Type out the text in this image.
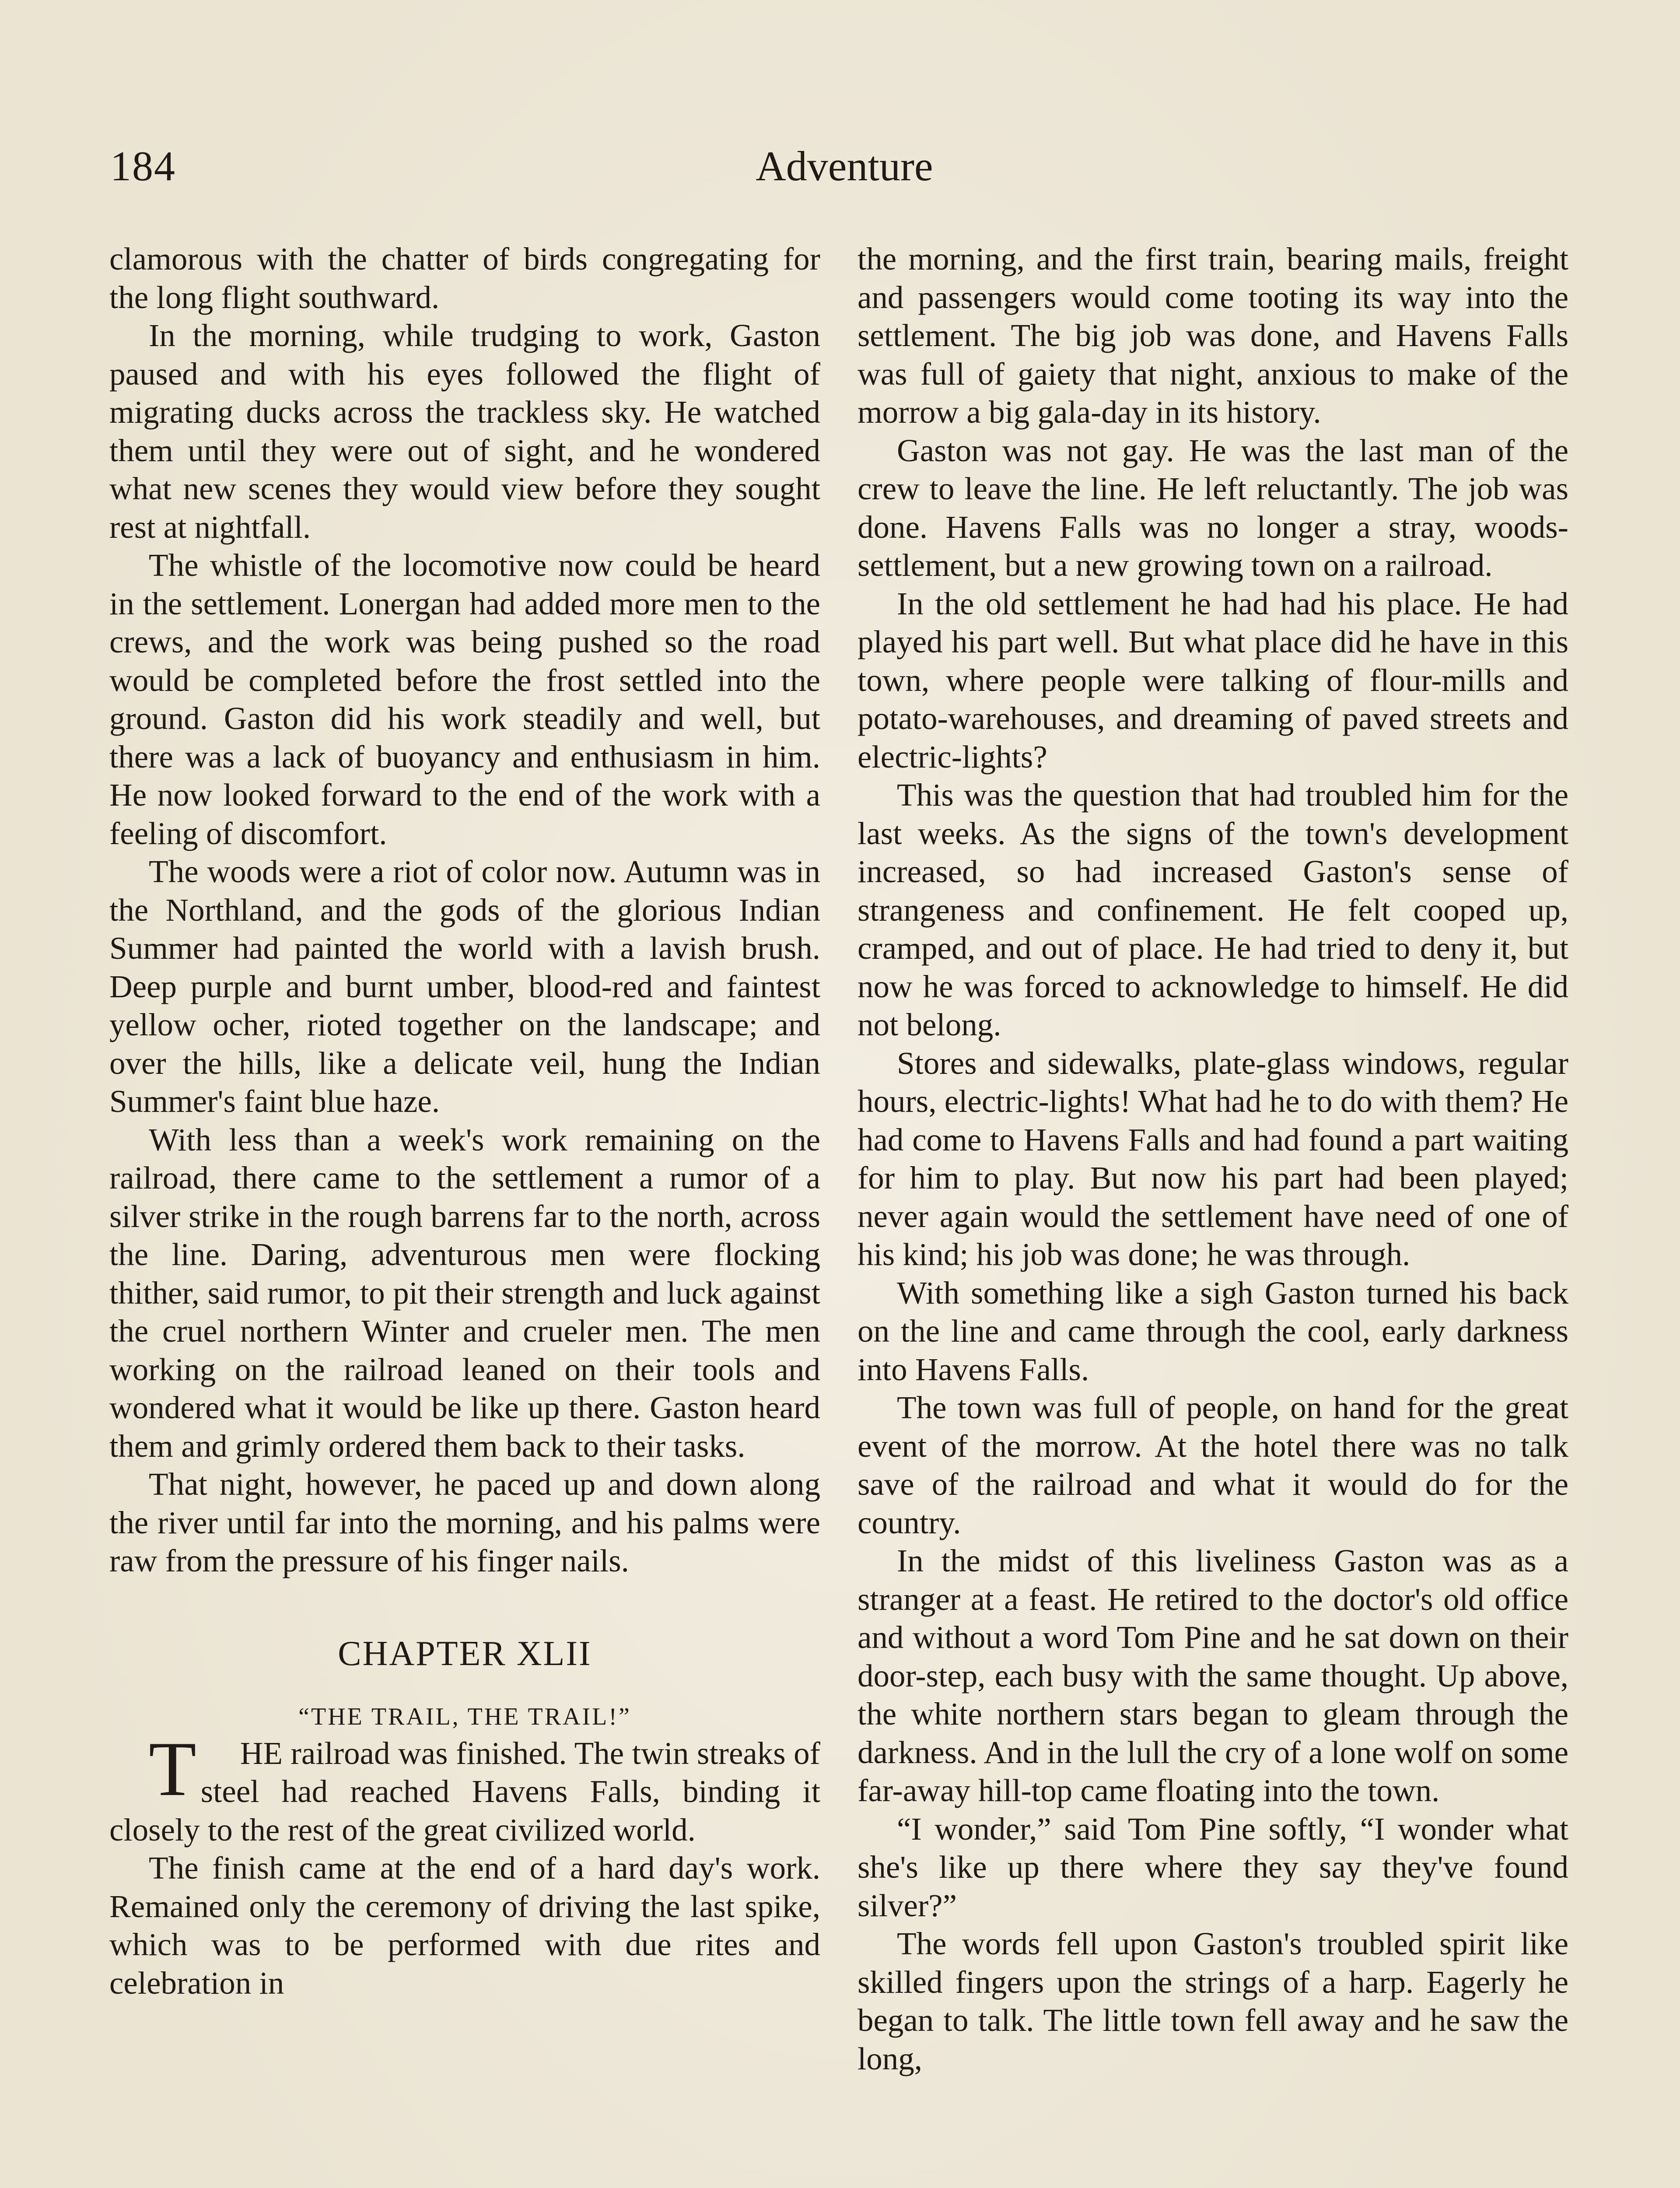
184	Adventure

clamorous with the chatter of birds congregating for the long flight southward.

In the morning, while trudging to work, Gaston paused and with his eyes followed the flight of migrating ducks across the trackless sky. He watched them until they were out of sight, and he wondered what new scenes they would view before they sought rest at nightfall.

The whistle of the locomotive now could be heard in the settlement. Lonergan had added more men to the crews, and the work was being pushed so the road would be completed before the frost settled into the ground. Gaston did his work steadily and well, but there was a lack of buoyancy and enthusiasm in him. He now looked forward to the end of the work with a feeling of discomfort.

The woods were a riot of color now. Autumn was in the Northland, and the gods of the glorious Indian Summer had painted the world with a lavish brush. Deep purple and burnt umber, blood-red and faintest yellow ocher, rioted together on the landscape; and over the hills, like a delicate veil, hung the Indian Summer's faint blue haze.

With less than a week's work remaining on the railroad, there came to the settlement a rumor of a silver strike in the rough barrens far to the north, across the line. Daring, adventurous men were flocking thither, said rumor, to pit their strength and luck against the cruel northern Winter and crueler men. The men working on the railroad leaned on their tools and wondered what it would be like up there. Gaston heard them and grimly ordered them back to their tasks.

That night, however, he paced up and down along the river until far into the morning, and his palms were raw from the pressure of his finger nails.

CHAPTER XLII
“THE TRAIL, THE TRAIL!”

T HE railroad was finished. The twin streaks of steel had reached Havens Falls, binding it closely to the rest of the great civilized world.

The finish came at the end of a hard day's work. Remained only the ceremony of driving the last spike, which was to be performed with due rites and celebration in

the morning, and the first train, bearing mails, freight and passengers would come tooting its way into the settlement. The big job was done, and Havens Falls was full of gaiety that night, anxious to make of the morrow a big gala-day in its history.

Gaston was not gay. He was the last man of the crew to leave the line. He left reluctantly. The job was done. Havens Falls was no longer a stray, woods-settlement, but a new growing town on a railroad.

In the old settlement he had had his place. He had played his part well. But what place did he have in this town, where people were talking of flour-mills and potato-warehouses, and dreaming of paved streets and electric-lights?

This was the question that had troubled him for the last weeks. As the signs of the town's development increased, so had increased Gaston's sense of strangeness and confinement. He felt cooped up, cramped, and out of place. He had tried to deny it, but now he was forced to acknowledge to himself. He did not belong.

Stores and sidewalks, plate-glass windows, regular hours, electric-lights! What had he to do with them? He had come to Havens Falls and had found a part waiting for him to play. But now his part had been played; never again would the settlement have need of one of his kind; his job was done; he was through.

With something like a sigh Gaston turned his back on the line and came through the cool, early darkness into Havens Falls.

The town was full of people, on hand for the great event of the morrow. At the hotel there was no talk save of the railroad and what it would do for the country.

In the midst of this liveliness Gaston was as a stranger at a feast. He retired to the doctor's old office and without a word Tom Pine and he sat down on their door-step, each busy with the same thought. Up above, the white northern stars began to gleam through the darkness. And in the lull the cry of a lone wolf on some far-away hill-top came floating into the town.

“I wonder,” said Tom Pine softly, “I wonder what she's like up there where they say they've found silver?”

The words fell upon Gaston's troubled spirit like skilled fingers upon the strings of a harp. Eagerly he began to talk. The little town fell away and he saw the long,
